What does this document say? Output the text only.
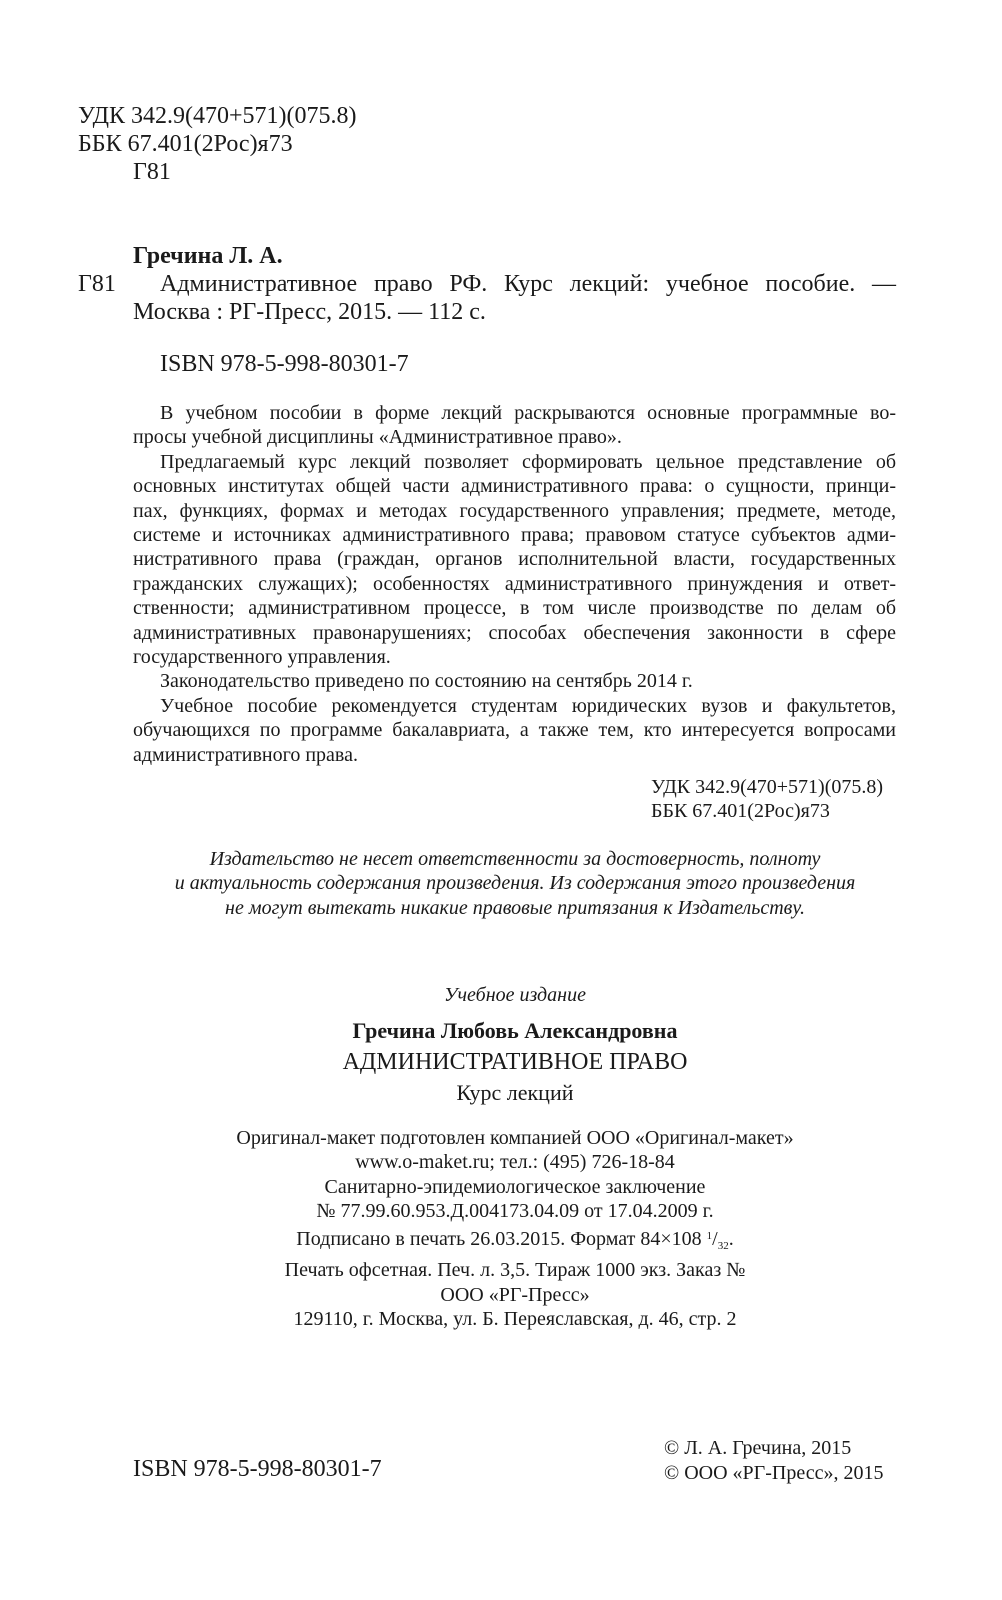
УДК 342.9(470+571)(075.8)
ББК 67.401(2Рос)я73
Г81
Гречина Л. А.
Г81 Административное право РФ. Курс лекций: учебное пособие. —
Москва : РГ-Пресс, 2015. — 112 с.
ISBN 978-5-998-80301-7
В учебном пособии в форме лекций раскрываются основные программные во-
просы учебной дисциплины «Административное право».
Предлагаемый курс лекций позволяет сформировать цельное представление об
основных институтах общей части административного права: о сущности, принци-
пах, функциях, формах и методах государственного управления; предмете, методе,
системе и источниках административного права; правовом статусе субъектов адми-
нистративного права (граждан, органов исполнительной власти, государственных
гражданских служащих); особенностях административного принуждения и ответ-
ственности; административном процессе, в том числе производстве по делам об
административных правонарушениях; способах обеспечения законности в сфере
государственного управления.
Законодательство приведено по состоянию на сентябрь 2014 г.
Учебное пособие рекомендуется студентам юридических вузов и факультетов,
обучающихся по программе бакалавриата, а также тем, кто интересуется вопросами
административного права.
УДК 342.9(470+571)(075.8)
ББК 67.401(2Рос)я73
Издательство не несет ответственности за достоверность, полноту
и актуальность содержания произведения. Из содержания этого произведения
не могут вытекать никакие правовые притязания к Издательству.
Учебное издание
Гречина Любовь Александровна
АДМИНИСТРАТИВНОЕ ПРАВО
Курс лекций
Оригинал-макет подготовлен компанией ООО «Оригинал-макет»
www.o-maket.ru; тел.: (495) 726-18-84
Санитарно-эпидемиологическое заключение
№ 77.99.60.953.Д.004173.04.09 от 17.04.2009 г.
Подписано в печать 26.03.2015. Формат 84×108 $^1/_{32}$.
Печать офсетная. Печ. л. 3,5. Тираж 1000 экз. Заказ №
ООО «РГ-Пресс»
129110, г. Москва, ул. Б. Переяславская, д. 46, стр. 2
ISBN 978-5-998-80301-7
© Л. А. Гречина, 2015
© ООО «РГ-Пресс», 2015
